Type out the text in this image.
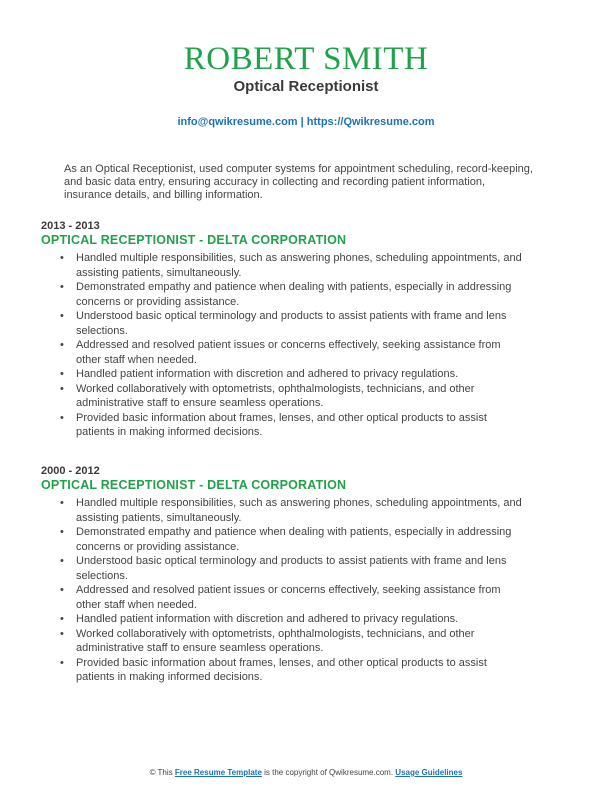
ROBERT SMITH
Optical Receptionist
info@qwikresume.com | https://Qwikresume.com
As an Optical Receptionist, used computer systems for appointment scheduling, record-keeping, and basic data entry, ensuring accuracy in collecting and recording patient information, insurance details, and billing information.
2013 - 2013
OPTICAL RECEPTIONIST - DELTA CORPORATION
• Handled multiple responsibilities, such as answering phones, scheduling appointments, and assisting patients, simultaneously.
• Demonstrated empathy and patience when dealing with patients, especially in addressing concerns or providing assistance.
• Understood basic optical terminology and products to assist patients with frame and lens selections.
• Addressed and resolved patient issues or concerns effectively, seeking assistance from other staff when needed.
• Handled patient information with discretion and adhered to privacy regulations.
• Worked collaboratively with optometrists, ophthalmologists, technicians, and other administrative staff to ensure seamless operations.
• Provided basic information about frames, lenses, and other optical products to assist patients in making informed decisions.
2000 - 2012
OPTICAL RECEPTIONIST - DELTA CORPORATION
• Handled multiple responsibilities, such as answering phones, scheduling appointments, and assisting patients, simultaneously.
• Demonstrated empathy and patience when dealing with patients, especially in addressing concerns or providing assistance.
• Understood basic optical terminology and products to assist patients with frame and lens selections.
• Addressed and resolved patient issues or concerns effectively, seeking assistance from other staff when needed.
• Handled patient information with discretion and adhered to privacy regulations.
• Worked collaboratively with optometrists, ophthalmologists, technicians, and other administrative staff to ensure seamless operations.
• Provided basic information about frames, lenses, and other optical products to assist patients in making informed decisions.
© This Free Resume Template is the copyright of Qwikresume.com. Usage Guidelines
